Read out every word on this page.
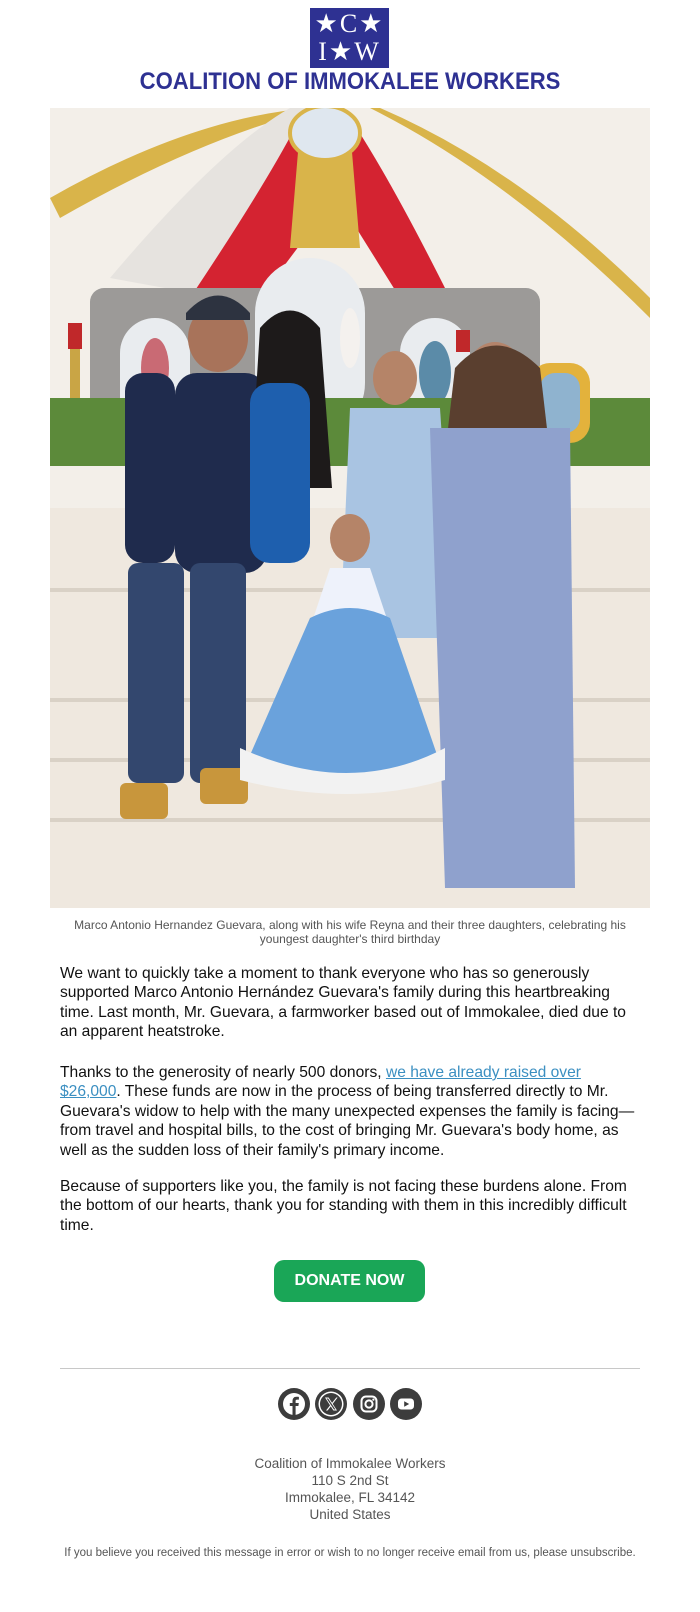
★C★
I★W
COALITION OF IMMOKALEE WORKERS
Marco Antonio Hernandez Guevara, along with his wife Reyna and their three daughters, celebrating his youngest daughter's third birthday

We want to quickly take a moment to thank everyone who has so generously supported Marco Antonio Hernández Guevara's family during this heartbreaking time. Last month, Mr. Guevara, a farmworker based out of Immokalee, died due to an apparent heatstroke.

Thanks to the generosity of nearly 500 donors, we have already raised over $26,000. These funds are now in the process of being transferred directly to Mr. Guevara's widow to help with the many unexpected expenses the family is facing—from travel and hospital bills, to the cost of bringing Mr. Guevara's body home, as well as the sudden loss of their family's primary income.

Because of supporters like you, the family is not facing these burdens alone. From the bottom of our hearts, thank you for standing with them in this incredibly difficult time.

DONATE NOW
Coalition of Immokalee Workers
110 S 2nd St
Immokalee, FL 34142
United States
If you believe you received this message in error or wish to no longer receive email from us, please unsubscribe.
